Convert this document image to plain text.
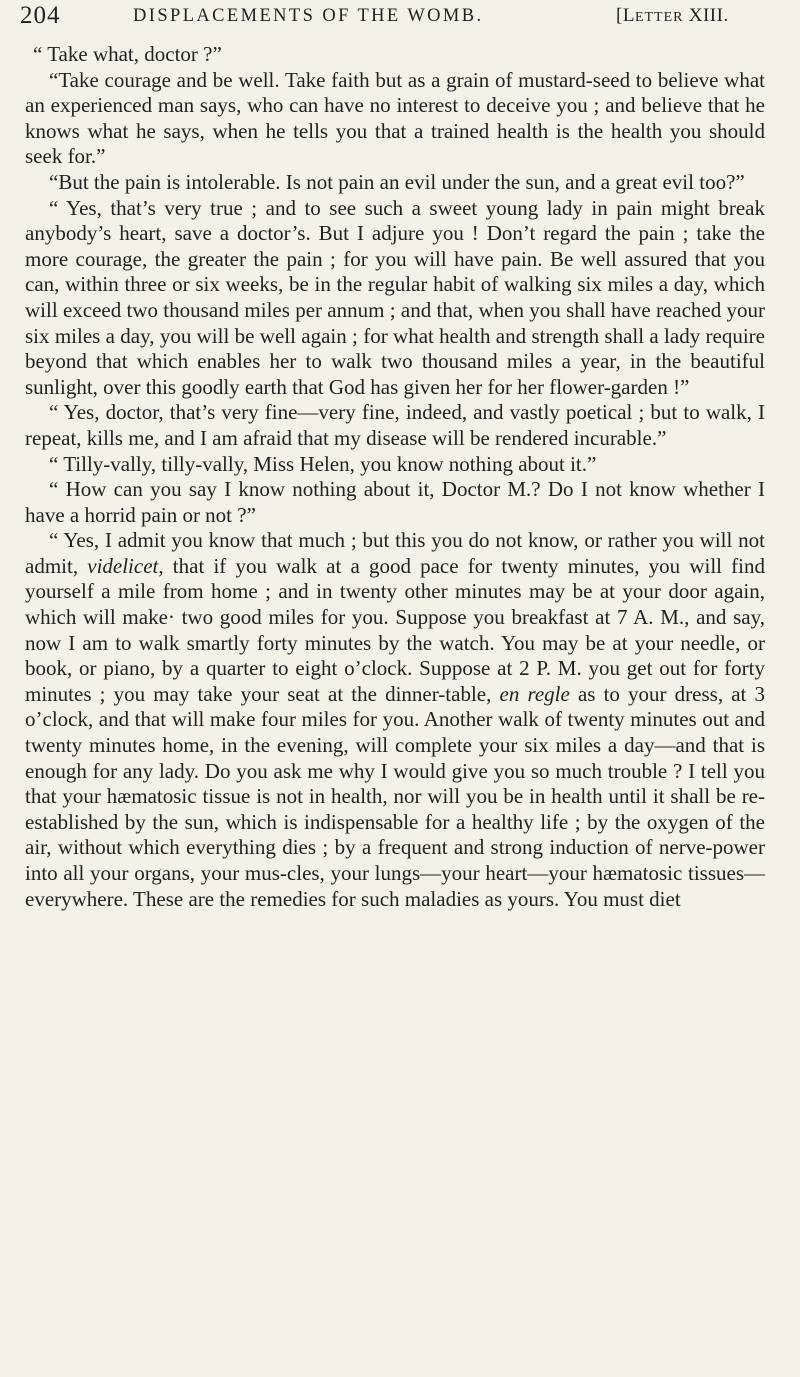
204	DISPLACEMENTS OF THE WOMB.	[LETTER XIII.

“ Take what, doctor ?”

“Take courage and be well. Take faith but as a grain of mustard-seed to believe what an experienced man says, who can have no interest to deceive you ; and believe that he knows what he says, when he tells you that a trained health is the health you should seek for.”

“But the pain is intolerable. Is not pain an evil under the sun, and a great evil too?”

“ Yes, that’s very true ; and to see such a sweet young lady in pain might break anybody’s heart, save a doctor’s. But I adjure you ! Don’t regard the pain ; take the more courage, the greater the pain ; for you will have pain. Be well assured that you can, within three or six weeks, be in the regular habit of walking six miles a day, which will exceed two thousand miles per annum ; and that, when you shall have reached your six miles a day, you will be well again ; for what health and strength shall a lady require beyond that which enables her to walk two thousand miles a year, in the beautiful sunlight, over this goodly earth that God has given her for her flower-garden !”

“ Yes, doctor, that’s very fine—very fine, indeed, and vastly poetical ; but to walk, I repeat, kills me, and I am afraid that my disease will be rendered incurable.”

“ Tilly-vally, tilly-vally, Miss Helen, you know nothing about it.”

“ How can you say I know nothing about it, Doctor M.? Do I not know whether I have a horrid pain or not ?”

“ Yes, I admit you know that much ; but this you do not know, or rather you will not admit, videlicet, that if you walk at a good pace for twenty minutes, you will find yourself a mile from home ; and in twenty other minutes may be at your door again, which will make· two good miles for you. Suppose you breakfast at 7 A. M., and say, now I am to walk smartly forty minutes by the watch. You may be at your needle, or book, or piano, by a quarter to eight o’clock. Suppose at 2 P. M. you get out for forty minutes ; you may take your seat at the dinner-table, en regle as to your dress, at 3 o’clock, and that will make four miles for you. Another walk of twenty minutes out and twenty minutes home, in the evening, will complete your six miles a day—and that is enough for any lady. Do you ask me why I would give you so much trouble ? I tell you that your hæmatosic tissue is not in health, nor will you be in health until it shall be re-established by the sun, which is indispensable for a healthy life ; by the oxygen of the air, without which everything dies ; by a frequent and strong induction of nerve-power into all your organs, your mus-cles, your lungs—your heart—your hæmatosic tissues—everywhere. These are the remedies for such maladies as yours. You must diet
